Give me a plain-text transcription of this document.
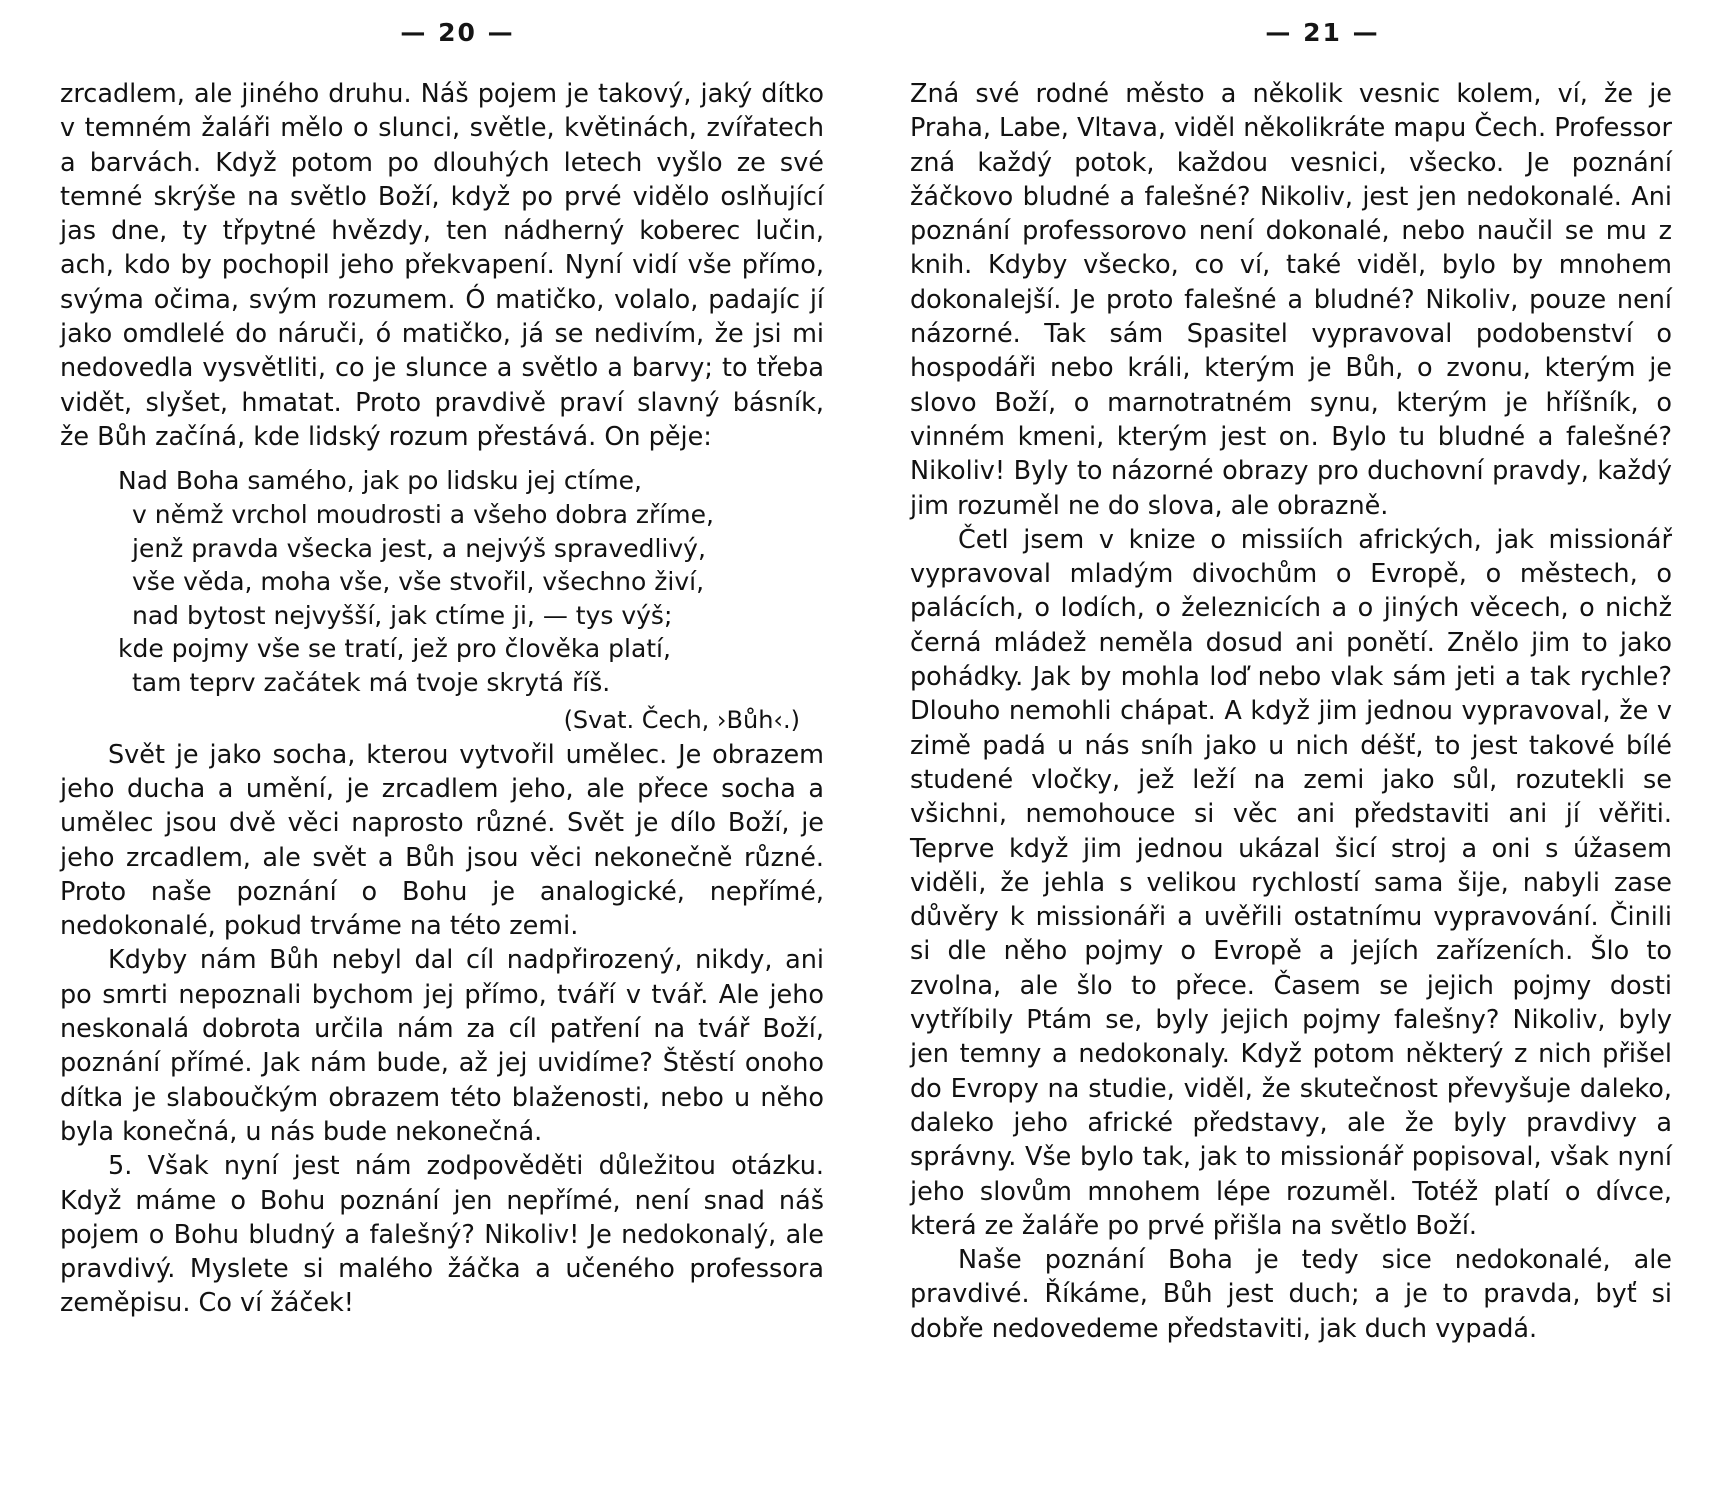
— 20 —	— 21 —

zrcadlem, ale jiného druhu. Náš pojem je takový, jaký dítko v temném žaláři mělo o slunci, světle, květinách, zvířatech a barvách. Když potom po dlouhých letech vyšlo ze své temné skrýše na světlo Boží, když po prvé vidělo oslňující jas dne, ty třpytné hvězdy, ten nádherný koberec lučin, ach, kdo by pochopil jeho překvapení. Nyní vidí vše přímo, svýma očima, svým rozumem. Ó matičko, volalo, padajíc jí jako omdlelé do náruči, ó matičko, já se nedivím, že jsi mi nedovedla vysvětliti, co je slunce a světlo a barvy; to třeba vidět, slyšet, hmatat. Proto pravdivě praví slavný básník, že Bůh začíná, kde lidský rozum přestává. On pěje:

Nad Boha samého, jak po lidsku jej ctíme,
v němž vrchol moudrosti a všeho dobra zříme,
jenž pravda všecka jest, a nejvýš spravedlivý,
vše věda, moha vše, vše stvořil, všechno živí,
nad bytost nejvyšší, jak ctíme ji, — tys výš;
kde pojmy vše se tratí, jež pro člověka platí,
tam teprv začátek má tvoje skrytá říš.
(Svat. Čech, ›Bůh‹.)

Svět je jako socha, kterou vytvořil umělec. Je obrazem jeho ducha a umění, je zrcadlem jeho, ale přece socha a umělec jsou dvě věci naprosto různé. Svět je dílo Boží, je jeho zrcadlem, ale svět a Bůh jsou věci nekonečně různé. Proto naše poznání o Bohu je analogické, nepřímé, nedokonalé, pokud trváme na této zemi.

Kdyby nám Bůh nebyl dal cíl nadpřirozený, nikdy, ani po smrti nepoznali bychom jej přímo, tváří v tvář. Ale jeho neskonalá dobrota určila nám za cíl patření na tvář Boží, poznání přímé. Jak nám bude, až jej uvidíme? Štěstí onoho dítka je slaboučkým obrazem této blaženosti, nebo u něho byla konečná, u nás bude nekonečná.

5. Však nyní jest nám zodpověděti důležitou otázku. Když máme o Bohu poznání jen nepřímé, není snad náš pojem o Bohu bludný a falešný? Nikoliv! Je nedokonalý, ale pravdivý. Myslete si malého žáčka a učeného professora zeměpisu. Co ví žáček!

Zná své rodné město a několik vesnic kolem, ví, že je Praha, Labe, Vltava, viděl několikráte mapu Čech. Professor zná každý potok, každou vesnici, všecko. Je poznání žáčkovo bludné a falešné? Nikoliv, jest jen nedokonalé. Ani poznání professorovo není dokonalé, nebo naučil se mu z knih. Kdyby všecko, co ví, také viděl, bylo by mnohem dokonalejší. Je proto falešné a bludné? Nikoliv, pouze není názorné. Tak sám Spasitel vypravoval podobenství o hospodáři nebo králi, kterým je Bůh, o zvonu, kterým je slovo Boží, o marnotratném synu, kterým je hříšník, o vinném kmeni, kterým jest on. Bylo tu bludné a falešné? Nikoliv! Byly to názorné obrazy pro duchovní pravdy, každý jim rozuměl ne do slova, ale obrazně.

Četl jsem v knize o missiích afrických, jak missionář vypravoval mladým divochům o Evropě, o městech, o palácích, o lodích, o železnicích a o jiných věcech, o nichž černá mládež neměla dosud ani ponětí. Znělo jim to jako pohádky. Jak by mohla loď nebo vlak sám jeti a tak rychle? Dlouho nemohli chápat. A když jim jednou vypravoval, že v zimě padá u nás sníh jako u nich déšť, to jest takové bílé studené vločky, jež leží na zemi jako sůl, rozutekli se všichni, nemohouce si věc ani představiti ani jí věřiti. Teprve když jim jednou ukázal šicí stroj a oni s úžasem viděli, že jehla s velikou rychlostí sama šije, nabyli zase důvěry k missionáři a uvěřili ostatnímu vypravování. Činili si dle něho pojmy o Evropě a jejích zařízeních. Šlo to zvolna, ale šlo to přece. Časem se jejich pojmy dosti vytříbily Ptám se, byly jejich pojmy falešny? Nikoliv, byly jen temny a nedokonaly. Když potom některý z nich přišel do Evropy na studie, viděl, že skutečnost převyšuje daleko, daleko jeho africké představy, ale že byly pravdivy a správny. Vše bylo tak, jak to missionář popisoval, však nyní jeho slovům mnohem lépe rozuměl. Totéž platí o dívce, která ze žaláře po prvé přišla na světlo Boží.

Naše poznání Boha je tedy sice nedokonalé, ale pravdivé. Říkáme, Bůh jest duch; a je to pravda, byť si dobře nedovedeme představiti, jak duch vypadá.
